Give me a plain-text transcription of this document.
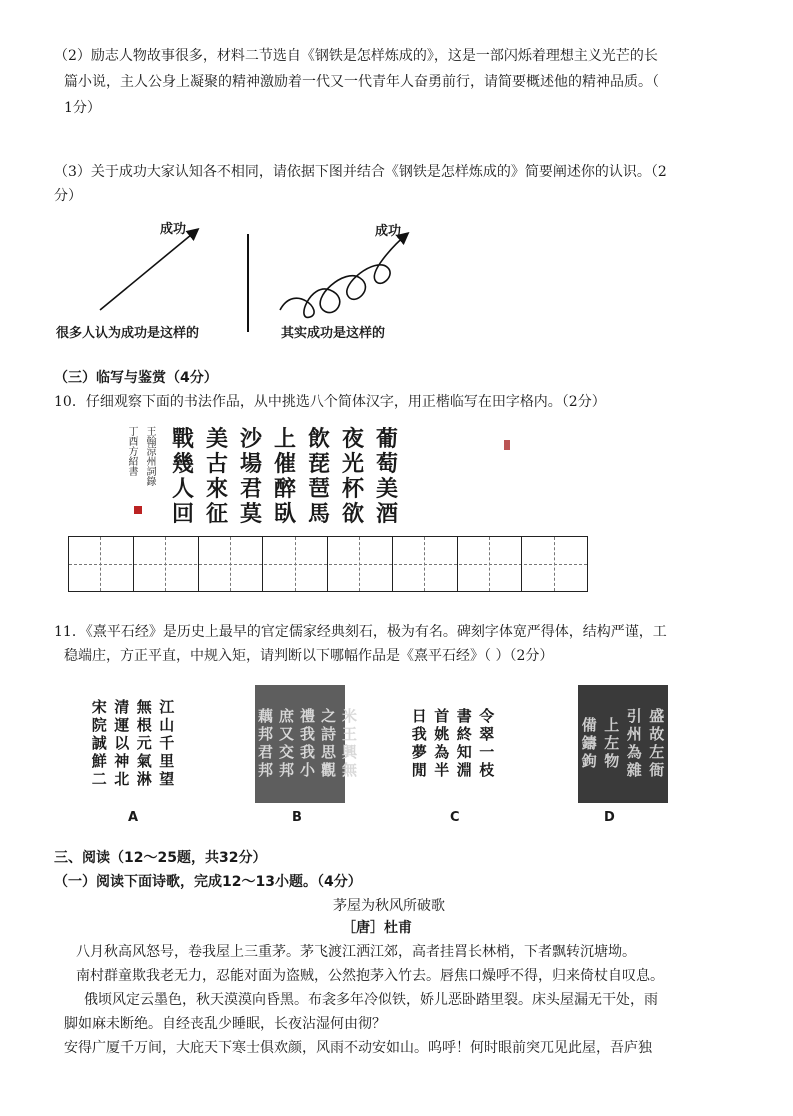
（2）励志人物故事很多，材料二节选自《钢铁是怎样炼成的》，这是一部闪烁着理想主义光芒的长
篇小说，主人公身上凝聚的精神激励着一代又一代青年人奋勇前行，请简要概述他的精神品质。（
1分）
（3）关于成功大家认知各不相同，请依据下图并结合《钢铁是怎样炼成的》简要阐述你的认识。（2
分）
成功
很多人认为成功是这样的
成功
其实成功是这样的
（三）临写与鉴赏（4分）
10．仔细观察下面的书法作品，从中挑选八个简体汉字，用正楷临写在田字格内。（2分）
丁酉方紹書 王翰涼州詞錄 戰美沙上飲夜葡
幾古場催琵光萄
人來君醉琶杯美
回征莫臥馬欲酒
11．《熹平石经》是历史上最早的官定儒家经典刻石，极为有名。碑刻字体宽严得体，结构严谨，工
稳端庄，方正平直，中规入矩，请判断以下哪幅作品是《熹平石经》（ ）（2分）
江山千里望
無根元氣淋
清運以神北
宋院誠鮮二	米王興無
之詩思觀
禮我我小
庶又交邦
藕邦君邦	令翠一枝
書終知淵
首姚為半
日我夢閒	盛故左衙
引州為雜
上左物
備鑄鉤
A	B	C	D
三、阅读（12～25题，共32分）
（一）阅读下面诗歌，完成12～13小题。（4分）
茅屋为秋风所破歌
［唐］杜甫
八月秋高风怒号，卷我屋上三重茅。茅飞渡江洒江郊，高者挂罥长林梢，下者飘转沉塘坳。
南村群童欺我老无力，忍能对面为盗贼，公然抱茅入竹去。唇焦口燥呼不得，归来倚杖自叹息。
俄顷风定云墨色，秋天漠漠向昏黑。布衾多年冷似铁，娇儿恶卧踏里裂。床头屋漏无干处，雨
脚如麻未断绝。自经丧乱少睡眠，长夜沾湿何由彻？
安得广厦千万间，大庇天下寒士俱欢颜，风雨不动安如山。呜呼！何时眼前突兀见此屋，吾庐独
